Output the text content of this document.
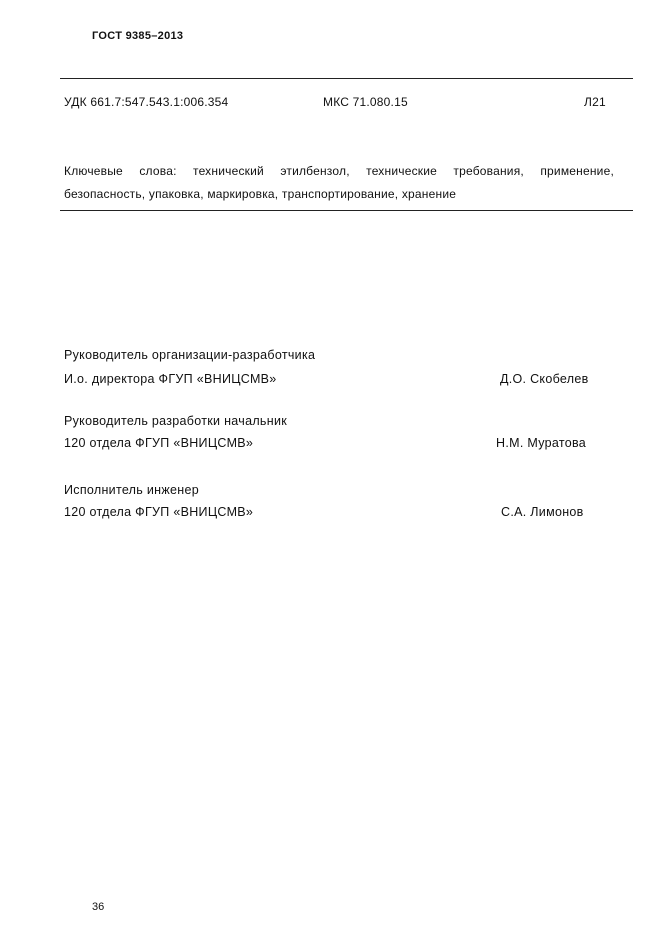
ГОСТ 9385–2013
УДК 661.7:547.543.1:006.354	МКС 71.080.15	Л21
Ключевые слова: технический этилбензол, технические требования, применение,
безопасность, упаковка, маркировка, транспортирование, хранение
Руководитель организации-разработчика
И.о. директора ФГУП «ВНИЦСМВ»	Д.О. Скобелев
Руководитель разработки начальник
120 отдела ФГУП «ВНИЦСМВ»	Н.М. Муратова
Исполнитель инженер
120 отдела ФГУП «ВНИЦСМВ»	С.А. Лимонов
36
